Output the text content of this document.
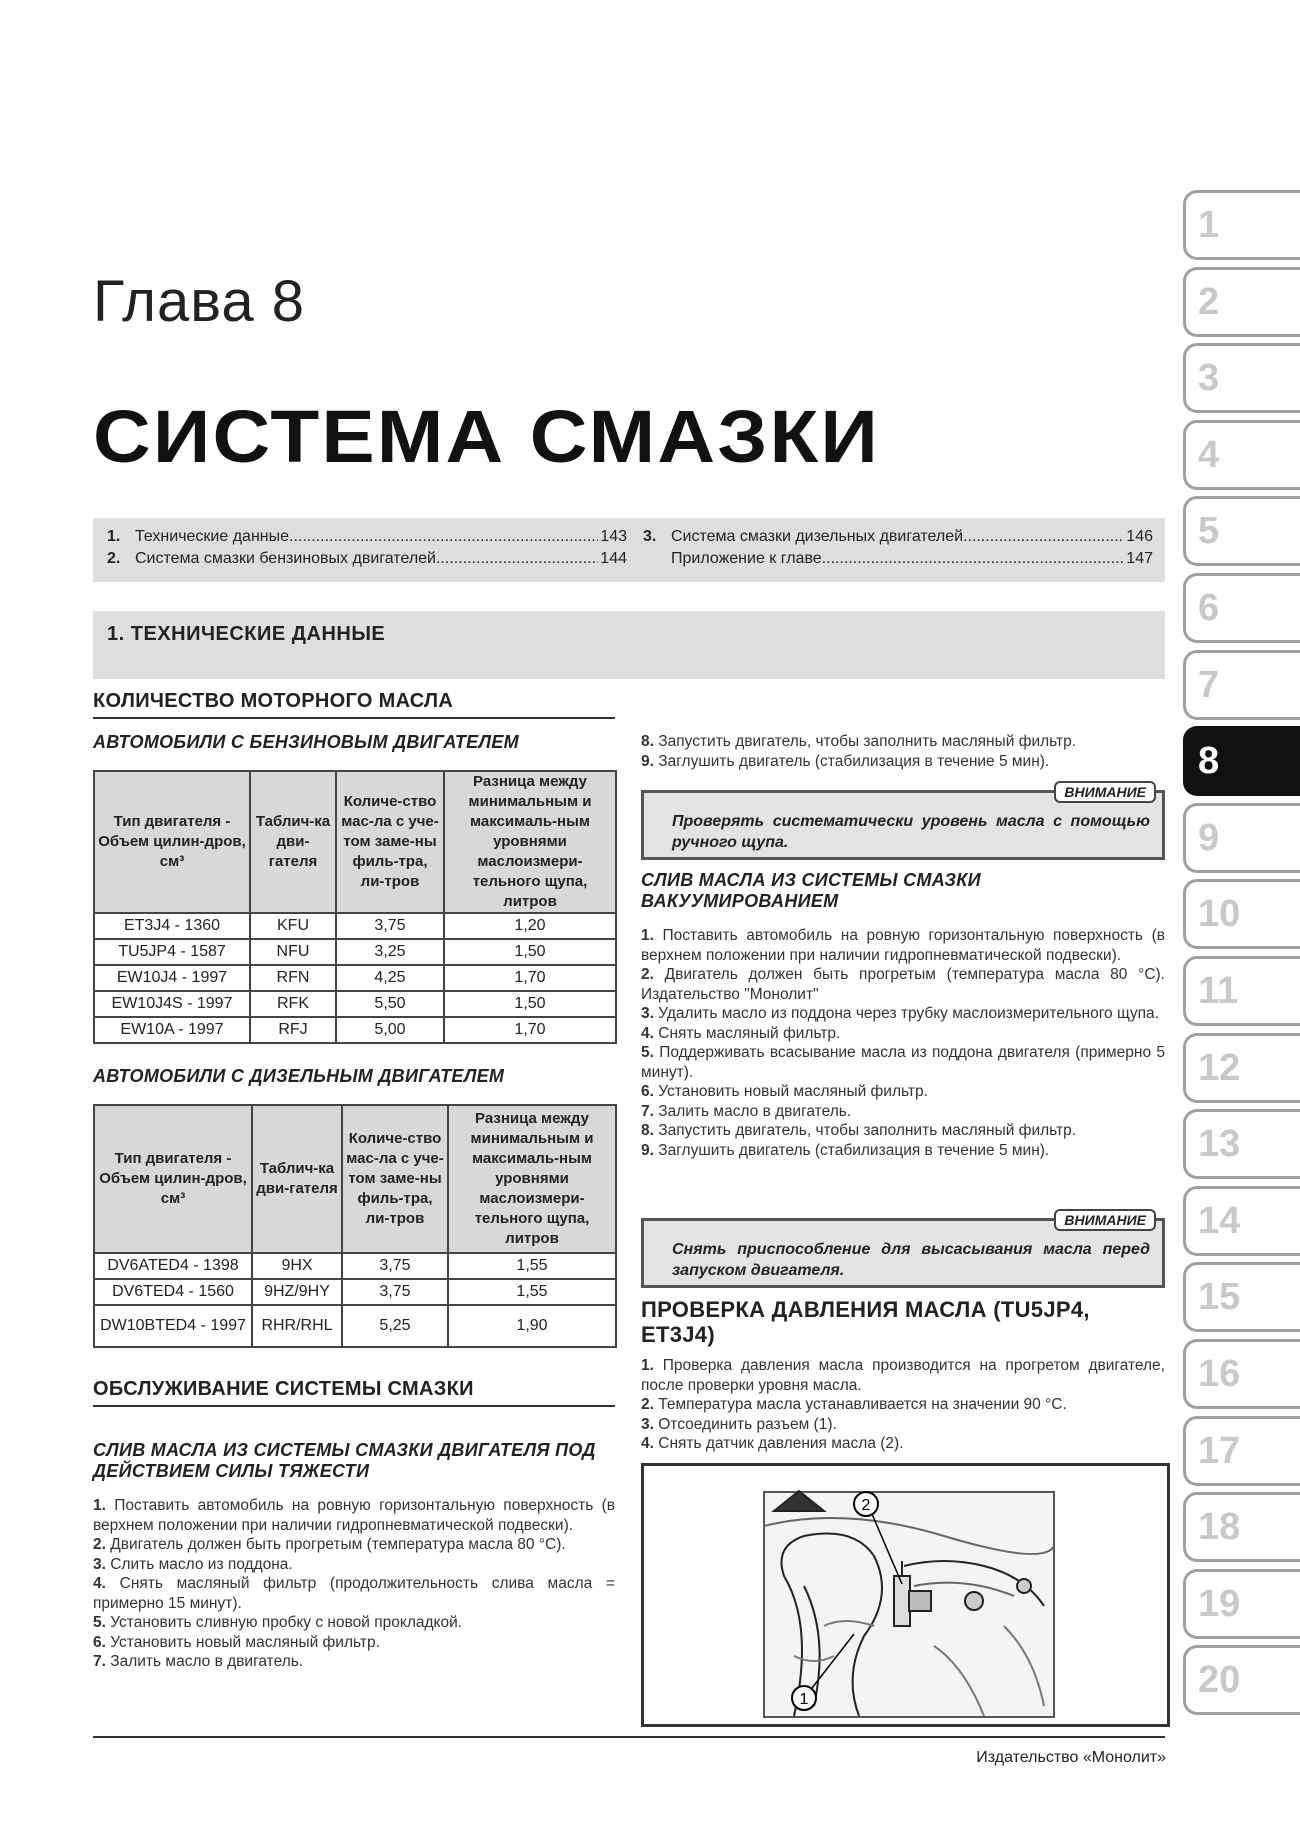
Глава 8
СИСТЕМА СМАЗКИ
1. Технические данные .....	143
2. Система смазки бензиновых двигателей .....	144
3. Система смазки дизельных двигателей .....	146
Приложение к главе .....	147
1. ТЕХНИЧЕСКИЕ ДАННЫЕ
КОЛИЧЕСТВО МОТОРНОГО МАСЛА
АВТОМОБИЛИ С БЕНЗИНОВЫМ ДВИГАТЕЛЕМ
Тип двигателя - Объем цилин-дров, см³	Таблич-ка дви-гателя	Количе-ство мас-ла с уче-том заме-ны филь-тра, ли-тров	Разница между минимальным и максималь-ным уровнями маслоизмери-тельного щупа, литров
ET3J4 - 1360	KFU	3,75	1,20
TU5JP4 - 1587	NFU	3,25	1,50
EW10J4 - 1997	RFN	4,25	1,70
EW10J4S - 1997	RFK	5,50	1,50
EW10A - 1997	RFJ	5,00	1,70
АВТОМОБИЛИ С ДИЗЕЛЬНЫМ ДВИГАТЕЛЕМ
Тип двигателя - Объем цилин-дров, см³	Таблич-ка дви-гателя	Количе-ство мас-ла с уче-том заме-ны филь-тра, ли-тров	Разница между минимальным и максималь-ным уровнями маслоизмери-тельного щупа, литров
DV6ATED4 - 1398	9HX	3,75	1,55
DV6TED4 - 1560	9HZ/9HY	3,75	1,55
DW10BTED4 - 1997	RHR/RHL	5,25	1,90
ОБСЛУЖИВАНИЕ СИСТЕМЫ СМАЗКИ
СЛИВ МАСЛА ИЗ СИСТЕМЫ СМАЗКИ ДВИГАТЕЛЯ ПОД ДЕЙСТВИЕМ СИЛЫ ТЯЖЕСТИ

1. Поставить автомобиль на ровную горизонтальную поверхность (в верхнем положении при наличии гидропневматической подвески).

2. Двигатель должен быть прогретым (температура масла 80 °С).

3. Слить масло из поддона.

4. Снять масляный фильтр (продолжительность слива масла = примерно 15 минут).

5. Установить сливную пробку с новой прокладкой.

6. Установить новый масляный фильтр.

7. Залить масло в двигатель.

8. Запустить двигатель, чтобы заполнить масляный фильтр.

9. Заглушить двигатель (стабилизация в течение 5 мин).

ВНИМАНИЕ
Проверять систематически уровень масла с помощью ручного щупа.
СЛИВ МАСЛА ИЗ СИСТЕМЫ СМАЗКИ ВАКУУМИРОВАНИЕМ

1. Поставить автомобиль на ровную горизонтальную поверхность (в верхнем положении при наличии гидропневматической подвески).

2. Двигатель должен быть прогретым (температура масла 80 °С). Издательство "Монолит"

3. Удалить масло из поддона через трубку маслоизмерительного щупа.

4. Снять масляный фильтр.

5. Поддерживать всасывание масла из поддона двигателя (примерно 5 минут).

6. Установить новый масляный фильтр.

7. Залить масло в двигатель.

8. Запустить двигатель, чтобы заполнить масляный фильтр.

9. Заглушить двигатель (стабилизация в течение 5 мин).

ВНИМАНИЕ
Снять приспособление для высасывания масла перед запуском двигателя.
ПРОВЕРКА ДАВЛЕНИЯ МАСЛА (TU5JP4, ET3J4)

1. Проверка давления масла производится на прогретом двигателе, после проверки уровня масла.

2. Температура масла устанавливается на значении 90 °С.

3. Отсоединить разъем (1).

4. Снять датчик давления масла (2).

2
1
Издательство «Монолит»
1
2
3
4
5
6
7
8
9
10
11
12
13
14
15
16
17
18
19
20
